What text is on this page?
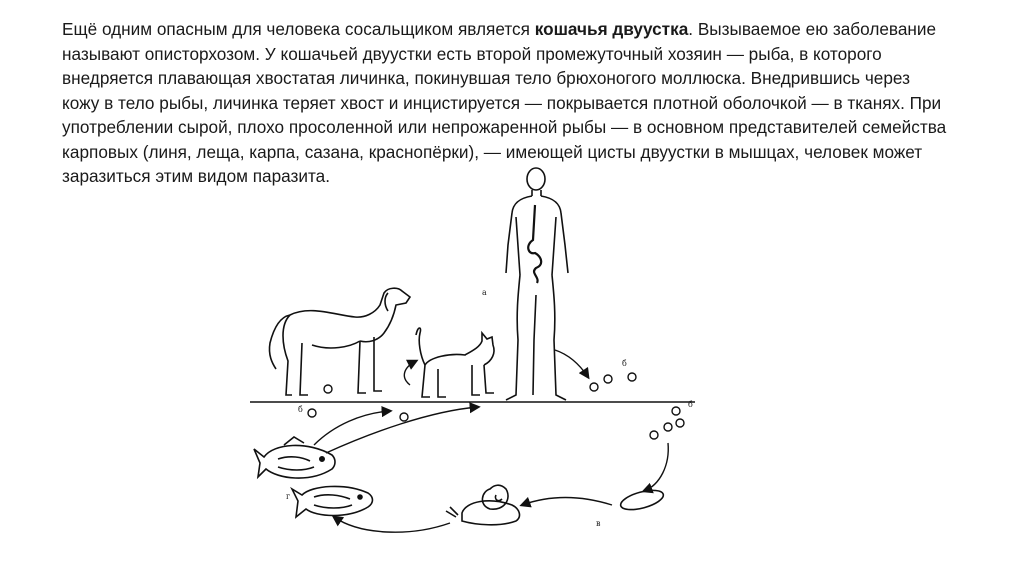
Ещё одним опасным для человека сосальщиком является кошачья двуустка. Вызываемое ею заболевание называют описторхозом. У кошачьей двуустки есть второй промежуточный хозяин — рыба, в которого внедряется плавающая хвостатая личинка, покинувшая тело брюхоногого моллюска. Внедрившись через кожу в тело рыбы, личинка теряет хвост и инцистируется — покрывается плотной оболочкой — в тканях. При употреблении сырой, плохо просоленной или непрожаренной рыбы — в основном представителей семейства карповых (линя, леща, карпа, сазана, краснопёрки), — имеющей цисты двуустки в мышцах, человек может заразиться этим видом паразита.

а
б
б
б
в
г
